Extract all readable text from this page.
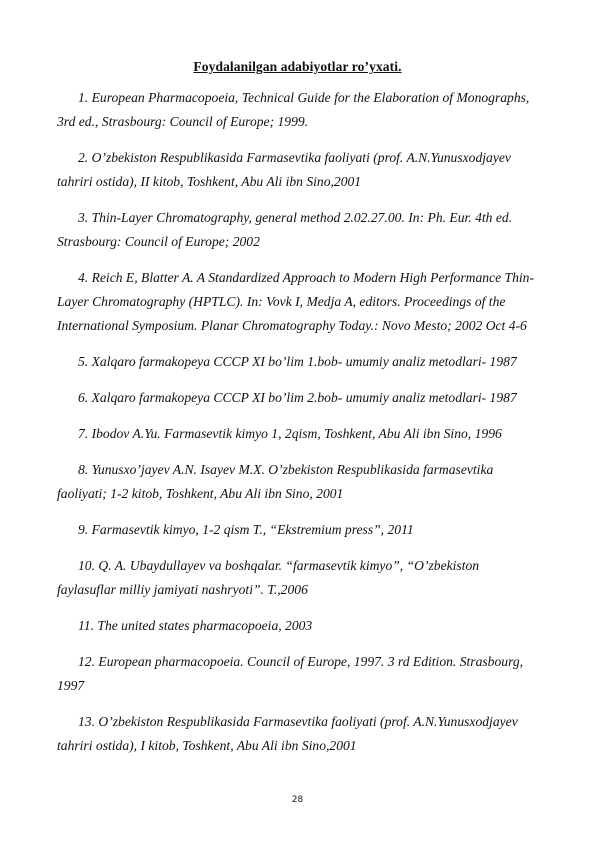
Foydalanilgan adabiyotlar ro’yxati.

1. European Pharmacopoeia, Technical Guide for the Elaboration of Monographs, 3rd ed., Strasbourg: Council of Europe; 1999.

2. O’zbekiston Respublikasida Farmasevtika faoliyati (prof. A.N.Yunusxodjayev tahriri ostida), II kitob, Toshkent, Abu Ali ibn Sino,2001

3. Thin-Layer Chromatography, general method 2.02.27.00. In: Ph. Eur. 4th ed. Strasbourg: Council of Europe; 2002

4. Reich E, Blatter A. A Standardized Approach to Modern High Performance Thin-Layer Chromatography (HPTLC). In: Vovk I, Medja A, editors. Proceedings of the International Symposium. Planar Chromatography Today.: Novo Mesto; 2002 Oct 4-6

5. Xalqaro farmakopeya CCCP XI bo’lim 1.bob- umumiy analiz metodlari- 1987

6. Xalqaro farmakopeya CCCP XI bo’lim 2.bob- umumiy analiz metodlari- 1987

7. Ibodov A.Yu. Farmasevtik kimyo 1, 2qism, Toshkent, Abu Ali ibn Sino, 1996

8. Yunusxo’jayev A.N. Isayev M.X. O’zbekiston Respublikasida farmasevtika faoliyati; 1-2 kitob, Toshkent, Abu Ali ibn Sino, 2001

9. Farmasevtik kimyo, 1-2 qism T., “Ekstremium press”, 2011

10. Q. A. Ubaydullayev va boshqalar. “farmasevtik kimyo”, “O’zbekiston faylasuflar milliy jamiyati nashryoti”. T.,2006

11. The united states pharmacopoeia, 2003

12. European pharmacopoeia. Council of Europe, 1997. 3 rd Edition. Strasbourg, 1997

13. O’zbekiston Respublikasida Farmasevtika faoliyati (prof. A.N.Yunusxodjayev tahriri ostida), I kitob, Toshkent, Abu Ali ibn Sino,2001

28
